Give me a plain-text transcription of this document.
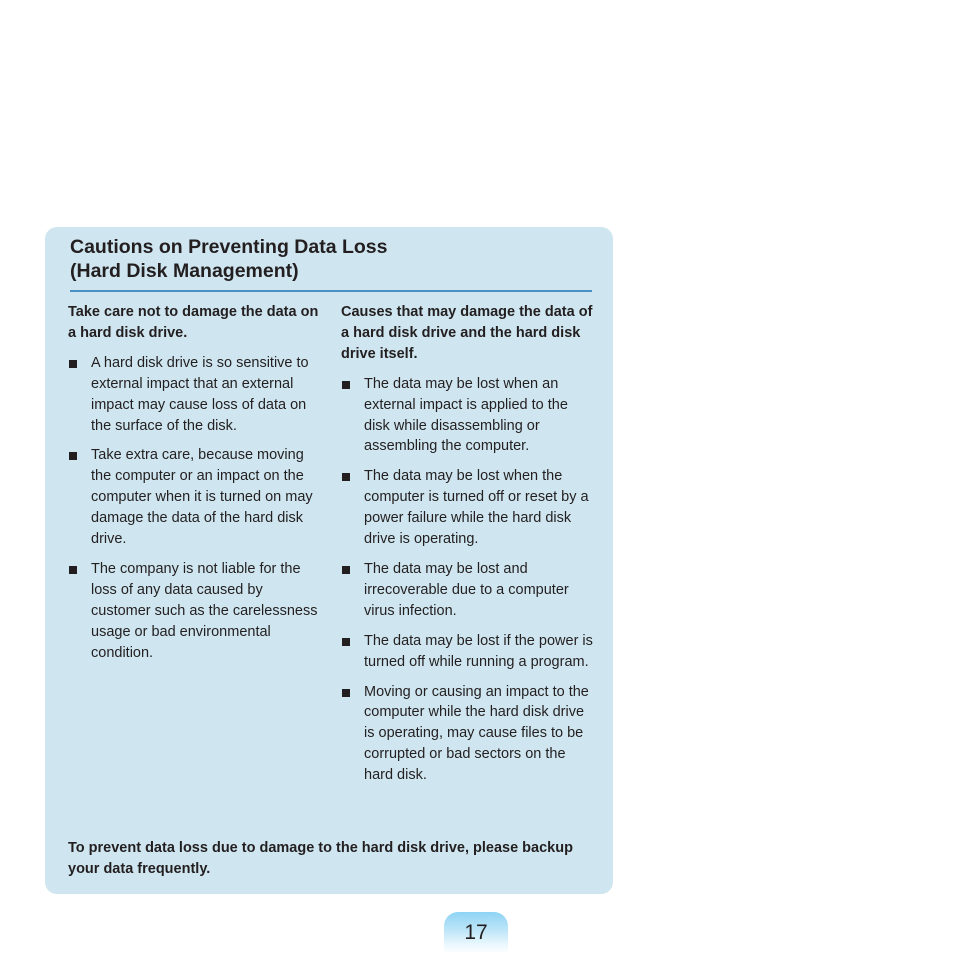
Cautions on Preventing Data Loss
(Hard Disk Management)

Take care not to damage the data on a hard disk drive.

A hard disk drive is so sensitive to external impact that an external impact may cause loss of data on the surface of the disk.
Take extra care, because moving the computer or an impact on the computer when it is turned on may damage the data of the hard disk drive.
The company is not liable for the loss of any data caused by customer such as the carelessness usage or bad environmental condition.

Causes that may damage the data of a hard disk drive and the hard disk drive itself.

The data may be lost when an external impact is applied to the disk while disassembling or assembling the computer.
The data may be lost when the computer is turned off or reset by a power failure while the hard disk drive is operating.
The data may be lost and irrecoverable due to a computer virus infection.
The data may be lost if the power is turned off while running a program.
Moving or causing an impact to the computer while the hard disk drive is operating, may cause files to be corrupted or bad sectors on the hard disk.

To prevent data loss due to damage to the hard disk drive, please backup your data frequently.

17
